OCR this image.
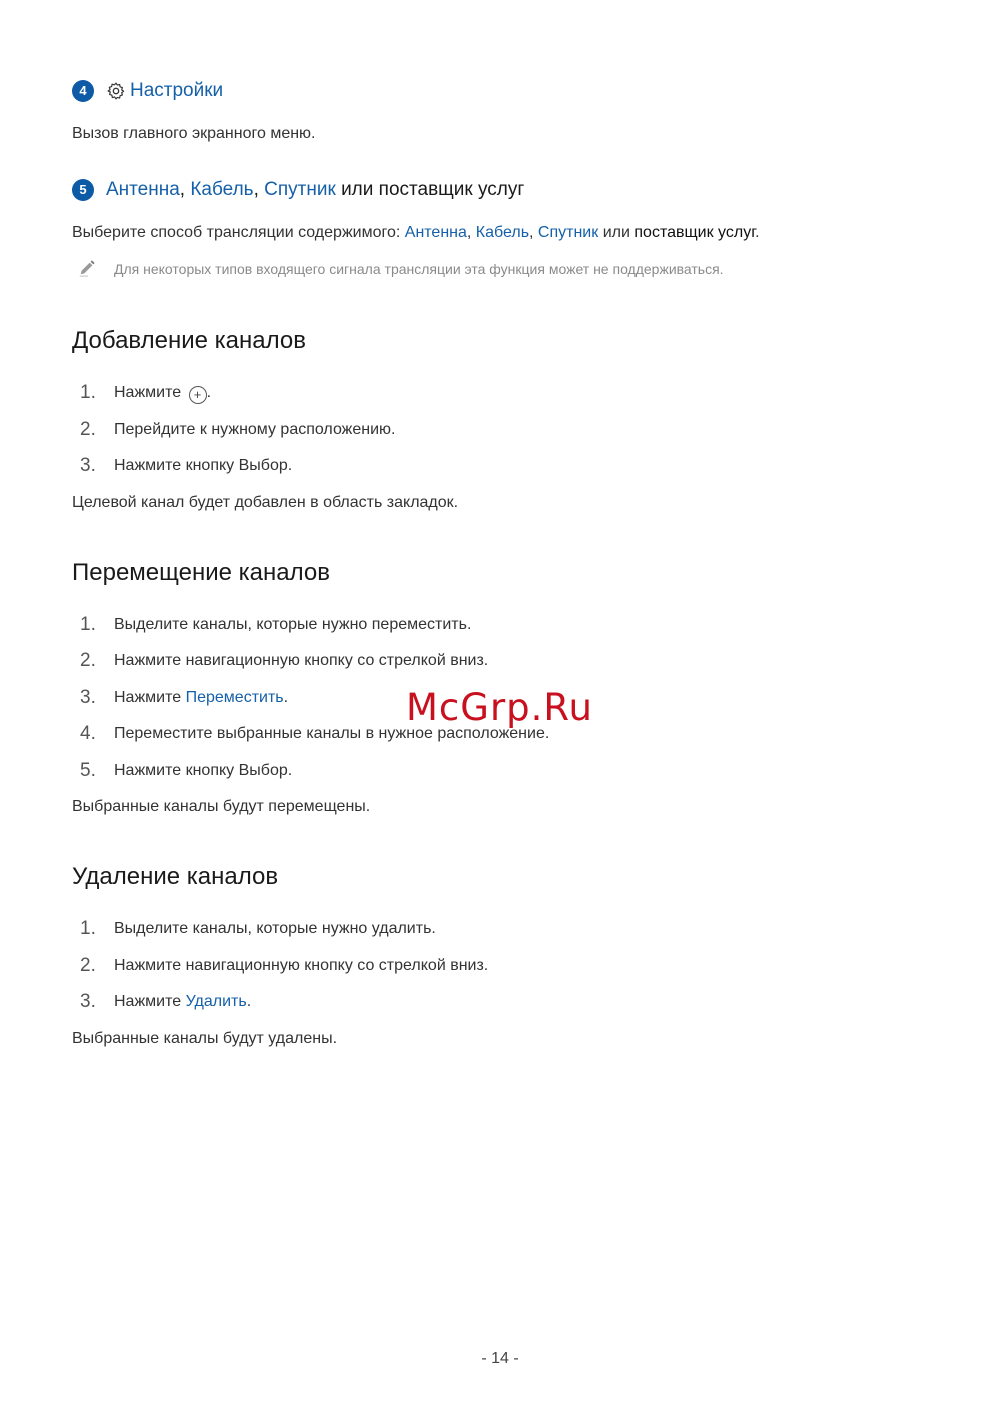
4	Настройки
Вызов главного экранного меню.
5	Антенна , Кабель , Спутник
или поставщик услуг
Выберите способ трансляции содержимого: Антенна, Кабель, Спутник или поставщик услуг.
Для некоторых типов входящего сигнала трансляции эта функция может не поддерживаться.
Добавление каналов
1. Нажмите + .
2. Перейдите к нужному расположению.
3. Нажмите кнопку Выбор.
Целевой канал будет добавлен в область закладок.
Перемещение каналов
1. Выделите каналы, которые нужно переместить.
2. Нажмите навигационную кнопку со стрелкой вниз.
3. Нажмите Переместить.
4. Переместите выбранные каналы в нужное расположение.
5. Нажмите кнопку Выбор.
Выбранные каналы будут перемещены.
Удаление каналов
1. Выделите каналы, которые нужно удалить.
2. Нажмите навигационную кнопку со стрелкой вниз.
3. Нажмите Удалить.
Выбранные каналы будут удалены.
McGrp.Ru
- 14 -
